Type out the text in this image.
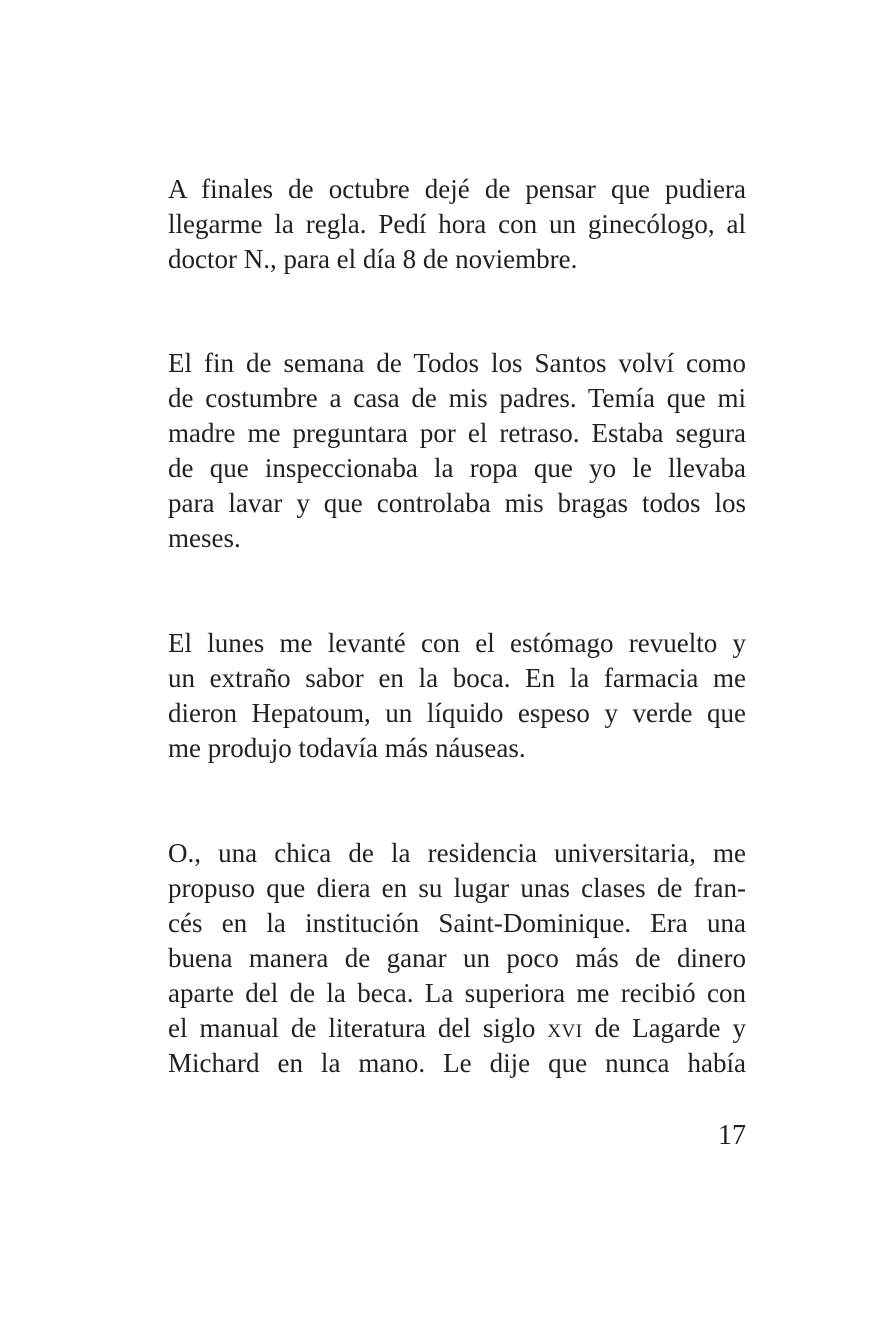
A finales de octubre dejé de pensar que pudiera
llegarme la regla. Pedí hora con un ginecólogo, al
doctor N., para el día 8 de noviembre.
El fin de semana de Todos los Santos volví como
de costumbre a casa de mis padres. Temía que mi
madre me preguntara por el retraso. Estaba segura
de que inspeccionaba la ropa que yo le llevaba
para lavar y que controlaba mis bragas todos los
meses.
El lunes me levanté con el estómago revuelto y
un extraño sabor en la boca. En la farmacia me
dieron Hepatoum, un líquido espeso y verde que
me produjo todavía más náuseas.
O., una chica de la residencia universitaria, me
propuso que diera en su lugar unas clases de fran-
cés en la institución Saint-Dominique. Era una
buena manera de ganar un poco más de dinero
aparte del de la beca. La superiora me recibió con
el manual de literatura del siglo XVI de Lagarde y
Michard en la mano. Le dije que nunca había
17
